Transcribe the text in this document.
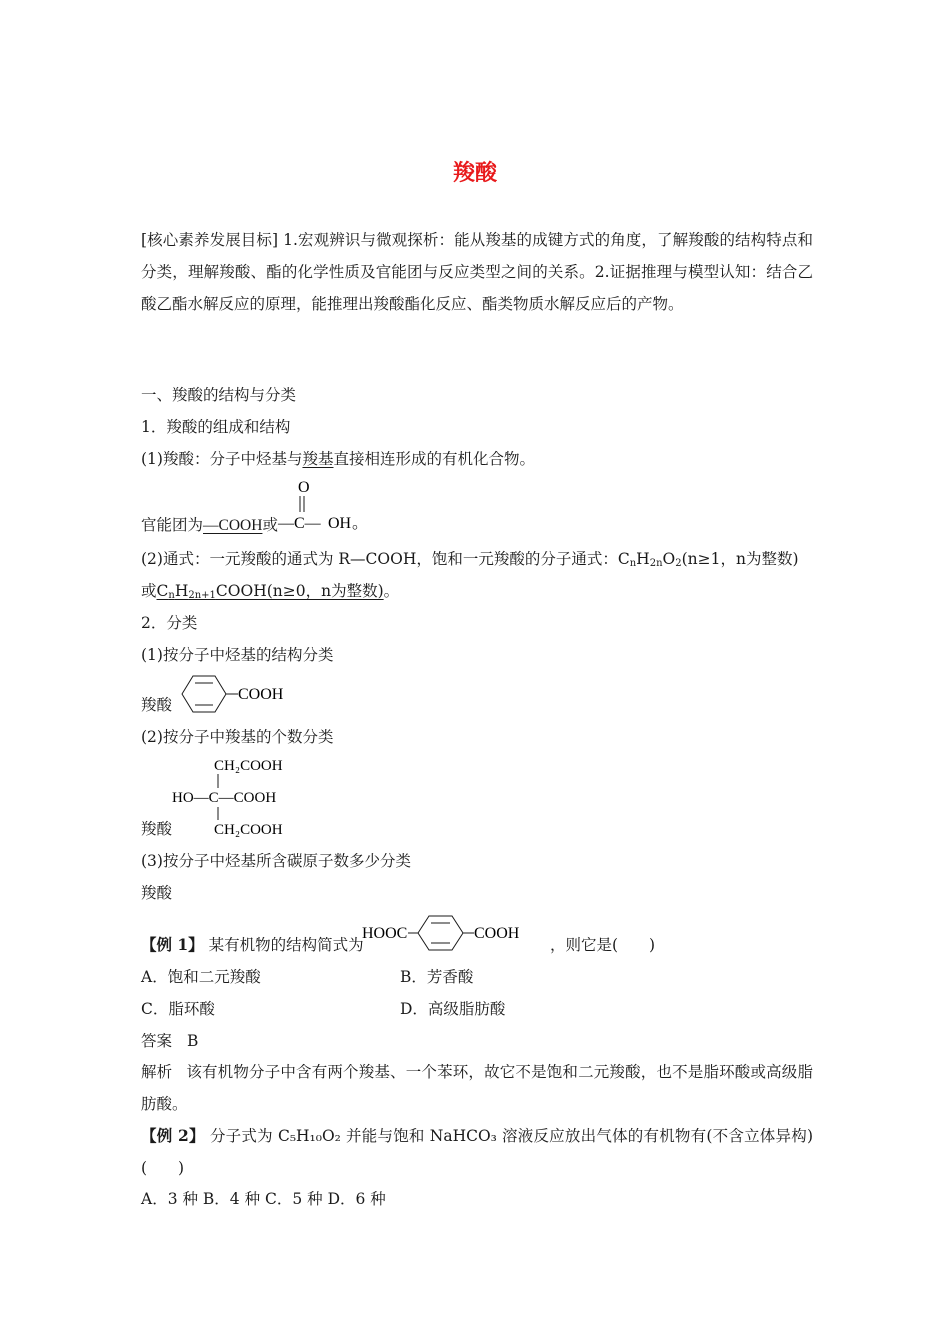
羧酸
[核心素养发展目标] 1.宏观辨识与微观探析：能从羧基的成键方式的角度，了解羧酸的结构特点和分类，理解羧酸、酯的化学性质及官能团与反应类型之间的关系。2.证据推理与模型认知：结合乙酸乙酯水解反应的原理，能推理出羧酸酯化反应、酯类物质水解反应后的产物。
一、羧酸的结构与分类
1．羧酸的组成和结构
(1)羧酸：分子中烃基与羧基直接相连形成的有机化合物。
官能团为—COOH或
O
—C— OH 。
(2)通式：一元羧酸的通式为 R—COOH，饱和一元羧酸的分子通式：$C_nH_{2n}O_2(n\ge 1$，n为整数)
或$C_nH_{2n+1}COOH(n\ge 0$，n为整数)。
2．分类
(1)按分子中烃基的结构分类
羧酸
COOH
(2)按分子中羧基的个数分类
CH₂COOH
HO—C—COOH
CH₂COOH
羧酸
(3)按分子中烃基所含碳原子数多少分类
羧酸
【例 1】 某有机物的结构简式为
HOOC	COOH
，则它是(　　)
A．饱和二元羧酸	B．芳香酸
C．脂环酸	D．高级脂肪酸
答案 B
解析 该有机物分子中含有两个羧基、一个苯环，故它不是饱和二元羧酸，也不是脂环酸或高级脂肪酸。
【例 2】 分子式为 C₅H₁₀O₂ 并能与饱和 NaHCO₃ 溶液反应放出气体的有机物有(不含立体异构)(　　)
A．3 种 B．4 种 C．5 种 D．6 种
